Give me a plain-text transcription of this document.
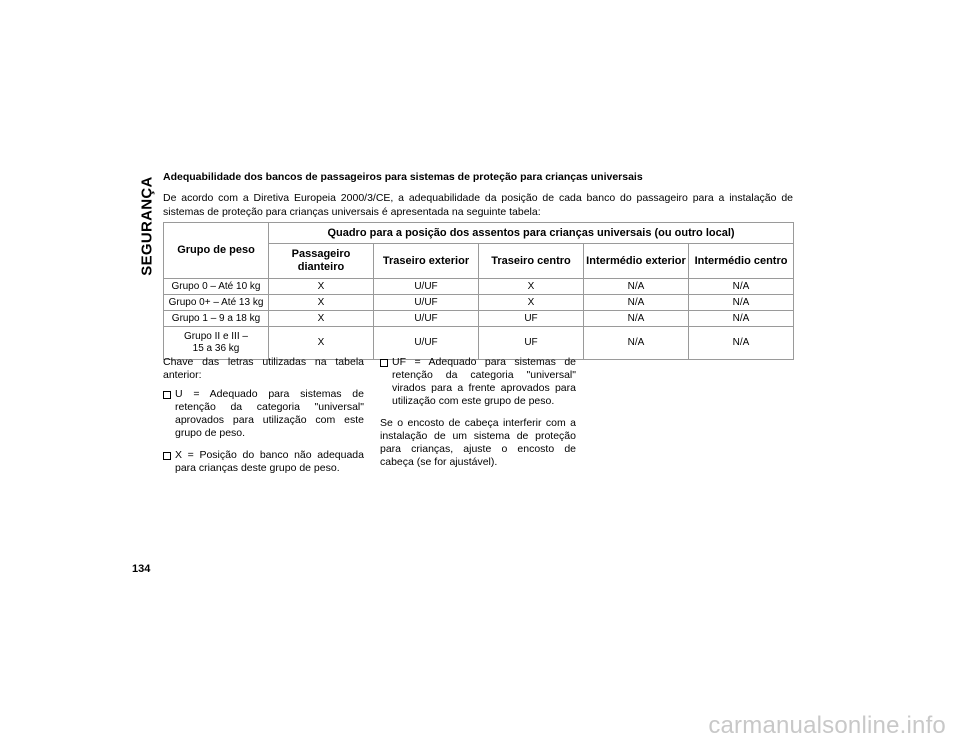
SEGURANÇA Adequabilidade dos bancos de passageiros para sistemas de proteção para crianças universais
De acordo com a Diretiva Europeia 2000/3/CE, a adequabilidade da posição de cada banco do passageiro para a instalação de sistemas de proteção para crianças universais é apresentada na seguinte tabela:
Grupo de peso	Quadro para a posição dos assentos para crianças universais (ou outro local)				
	Passageiro dianteiro	Traseiro exterior	Traseiro centro	Intermédio exterior	Intermédio centro
Grupo 0 – Até 10 kg	X	U/UF	X	N/A	N/A
Grupo 0+ – Até 13 kg	X	U/UF	X	N/A	N/A
Grupo 1 – 9 a 18 kg	X	U/UF	UF	N/A	N/A

Grupo II e III –
15 a 36 kg	X	U/UF	UF	N/A	N/A
Chave das letras utilizadas na tabela anterior:
U = Adequado para sistemas de retenção da categoria "universal" aprovados para utilização com este grupo de peso.
X = Posição do banco não adequada para crianças deste grupo de peso.
UF = Adequado para sistemas de retenção da categoria "universal" virados para a frente aprovados para utilização com este grupo de peso.
Se o encosto de cabeça interferir com a instalação de um sistema de proteção para crianças, ajuste o encosto de cabeça (se for ajustável).
134
carmanualsonline.info
